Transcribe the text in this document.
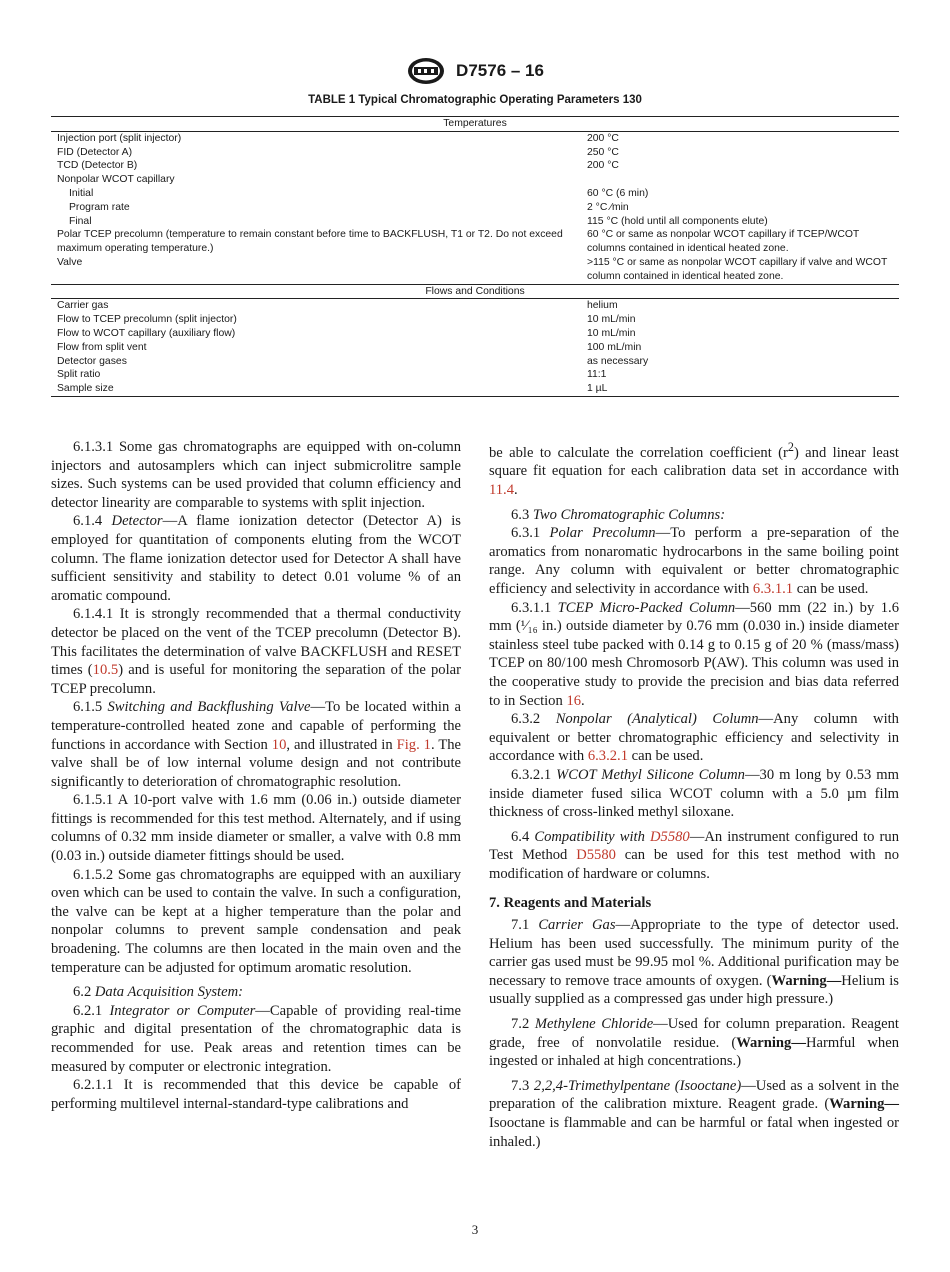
D7576 – 16
TABLE 1 Typical Chromatographic Operating Parameters 130
Temperatures	
Injection port (split injector)	200 °C
FID (Detector A)	250 °C
TCD (Detector B)	200 °C
Nonpolar WCOT capillary	
Initial	60 °C (6 min)
Program rate	2 °C ⁄min
Final	115 °C (hold until all components elute)
Polar TCEP precolumn (temperature to remain constant before time to BACKFLUSH, T1 or T2. Do not exceed maximum operating temperature.)	60 °C or same as nonpolar WCOT capillary if TCEP/WCOT columns contained in identical heated zone.
Valve	>115 °C or same as nonpolar WCOT capillary if valve and WCOT column contained in identical heated zone.
Flows and Conditions	
Carrier gas	helium
Flow to TCEP precolumn (split injector)	10 mL/min
Flow to WCOT capillary (auxiliary flow)	10 mL/min
Flow from split vent	100 mL/min
Detector gases	as necessary
Split ratio	11:1
Sample size	1 µL

6.1.3.1 Some gas chromatographs are equipped with on-column injectors and autosamplers which can inject submicrolitre sample sizes. Such systems can be used provided that column efficiency and detector linearity are comparable to systems with split injection.

6.1.4 Detector—A flame ionization detector (Detector A) is employed for quantitation of components eluting from the WCOT column. The flame ionization detector used for Detector A shall have sufficient sensitivity and stability to detect 0.01 volume % of an aromatic compound.

6.1.4.1 It is strongly recommended that a thermal conductivity detector be placed on the vent of the TCEP precolumn (Detector B). This facilitates the determination of valve BACKFLUSH and RESET times (10.5) and is useful for monitoring the separation of the polar TCEP precolumn.

6.1.5 Switching and Backflushing Valve—To be located within a temperature-controlled heated zone and capable of performing the functions in accordance with Section 10, and illustrated in Fig. 1. The valve shall be of low internal volume design and not contribute significantly to deterioration of chromatographic resolution.

6.1.5.1 A 10-port valve with 1.6 mm (0.06 in.) outside diameter fittings is recommended for this test method. Alternately, and if using columns of 0.32 mm inside diameter or smaller, a valve with 0.8 mm (0.03 in.) outside diameter fittings should be used.

6.1.5.2 Some gas chromatographs are equipped with an auxiliary oven which can be used to contain the valve. In such a configuration, the valve can be kept at a higher temperature than the polar and nonpolar columns to prevent sample condensation and peak broadening. The columns are then located in the main oven and the temperature can be adjusted for optimum aromatic resolution.

6.2 Data Acquisition System:

6.2.1 Integrator or Computer—Capable of providing real-time graphic and digital presentation of the chromatographic data is recommended for use. Peak areas and retention times can be measured by computer or electronic integration.

6.2.1.1 It is recommended that this device be capable of performing multilevel internal-standard-type calibrations and

be able to calculate the correlation coefficient $(r^2)$ and linear least square fit equation for each calibration data set in accordance with 11.4.

6.3 Two Chromatographic Columns:

6.3.1 Polar Precolumn—To perform a pre-separation of the aromatics from nonaromatic hydrocarbons in the same boiling point range. Any column with equivalent or better chromatographic efficiency and selectivity in accordance with 6.3.1.1 can be used.

6.3.1.1 TCEP Micro-Packed Column—560 mm (22 in.) by 1.6 mm (¹⁄₁₆ in.) outside diameter by 0.76 mm (0.030 in.) inside diameter stainless steel tube packed with 0.14 g to 0.15 g of 20 % (mass/mass) TCEP on 80/100 mesh Chromosorb P(AW). This column was used in the cooperative study to provide the precision and bias data referred to in Section 16.

6.3.2 Nonpolar (Analytical) Column—Any column with equivalent or better chromatographic efficiency and selectivity in accordance with 6.3.2.1 can be used.

6.3.2.1 WCOT Methyl Silicone Column—30 m long by 0.53 mm inside diameter fused silica WCOT column with a 5.0 µm film thickness of cross-linked methyl siloxane.

6.4 Compatibility with D5580—An instrument configured to run Test Method D5580 can be used for this test method with no modification of hardware or columns.

7. Reagents and Materials

7.1 Carrier Gas—Appropriate to the type of detector used. Helium has been used successfully. The minimum purity of the carrier gas used must be 99.95 mol %. Additional purification may be necessary to remove trace amounts of oxygen. (Warning—Helium is usually supplied as a compressed gas under high pressure.)

7.2 Methylene Chloride—Used for column preparation. Reagent grade, free of nonvolatile residue. (Warning—Harmful when ingested or inhaled at high concentrations.)

7.3 2,2,4-Trimethylpentane (Isooctane)—Used as a solvent in the preparation of the calibration mixture. Reagent grade. (Warning—Isooctane is flammable and can be harmful or fatal when ingested or inhaled.)

3
